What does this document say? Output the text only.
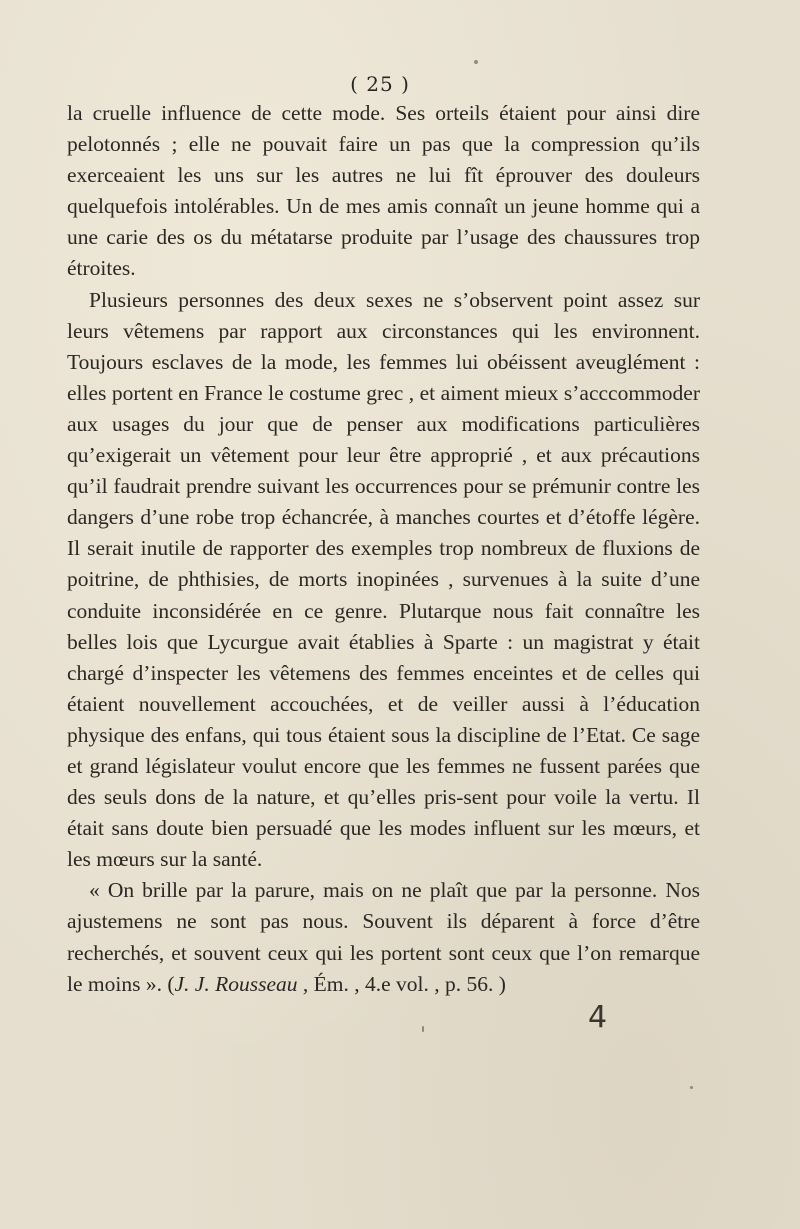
( 25 )

la cruelle influence de cette mode. Ses orteils étaient pour ainsi dire pelotonnés ; elle ne pouvait faire un pas que la compression qu’ils exerceaient les uns sur les autres ne lui fît éprouver des douleurs quelquefois intolérables. Un de mes amis connaît un jeune homme qui a une carie des os du métatarse produite par l’usage des chaussures trop étroites.

Plusieurs personnes des deux sexes ne s’observent point assez sur leurs vêtemens par rapport aux circonstances qui les environnent. Toujours esclaves de la mode, les femmes lui obéissent aveuglément : elles portent en France le costume grec , et aiment mieux s’acccommoder aux usages du jour que de penser aux modifications particulières qu’exigerait un vêtement pour leur être approprié , et aux précautions qu’il faudrait prendre suivant les occurrences pour se prémunir contre les dangers d’une robe trop échancrée, à manches courtes et d’étoffe légère. Il serait inutile de rapporter des exemples trop nombreux de fluxions de poitrine, de phthisies, de morts inopinées , survenues à la suite d’une conduite inconsidérée en ce genre. Plutarque nous fait connaître les belles lois que Lycurgue avait établies à Sparte : un magistrat y était chargé d’inspecter les vêtemens des femmes enceintes et de celles qui étaient nouvellement accouchées, et de veiller aussi à l’éducation physique des enfans, qui tous étaient sous la discipline de l’Etat. Ce sage et grand législateur voulut encore que les femmes ne fussent parées que des seuls dons de la nature, et qu’elles pris-sent pour voile la vertu. Il était sans doute bien persuadé que les modes influent sur les mœurs, et les mœurs sur la santé.

« On brille par la parure, mais on ne plaît que par la personne. Nos ajustemens ne sont pas nous. Souvent ils déparent à force d’être recherchés, et souvent ceux qui les portent sont ceux que l’on remarque le moins ». (J. J. Rousseau , Ém. , 4.e vol. , p. 56. )

4
